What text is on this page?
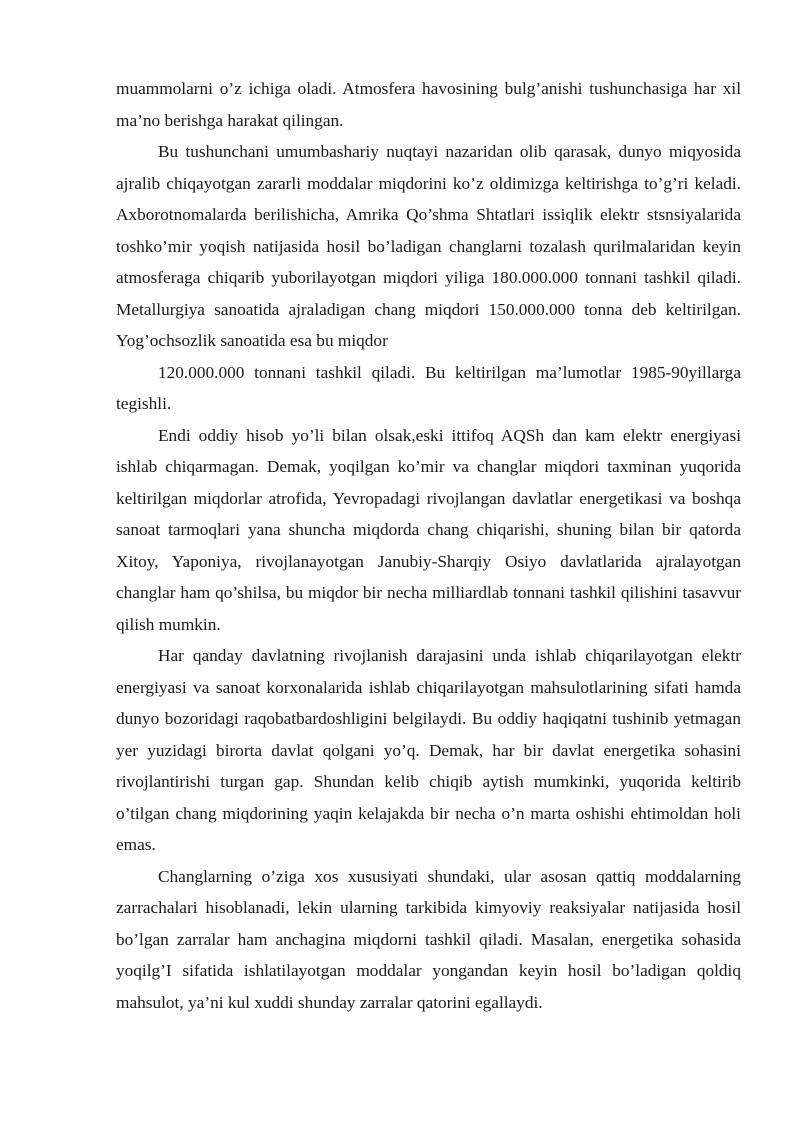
muammolarni o’z ichiga oladi. Atmosfera havosining bulg’anishi tushunchasiga har xil ma’no berishga harakat qilingan.

Bu tushunchani umumbashariy nuqtayi nazaridan olib qarasak, dunyo miqyosida ajralib chiqayotgan zararli moddalar miqdorini ko’z oldimizga keltirishga to’g’ri keladi. Axborotnomalarda berilishicha, Amrika Qo’shma Shtatlari issiqlik elektr stsnsiyalarida toshko’mir yoqish natijasida hosil bo’ladigan changlarni tozalash qurilmalaridan keyin atmosferaga chiqarib yuborilayotgan miqdori yiliga 180.000.000 tonnani tashkil qiladi. Metallurgiya sanoatida ajraladigan chang miqdori 150.000.000 tonna deb keltirilgan. Yog’ochsozlik sanoatida esa bu miqdor

120.000.000 tonnani tashkil qiladi. Bu keltirilgan ma’lumotlar 1985-90yillarga tegishli.

Endi oddiy hisob yo’li bilan olsak,eski ittifoq AQSh dan kam elektr energiyasi ishlab chiqarmagan. Demak, yoqilgan ko’mir va changlar miqdori taxminan yuqorida keltirilgan miqdorlar atrofida, Yevropadagi rivojlangan davlatlar energetikasi va boshqa sanoat tarmoqlari yana shuncha miqdorda chang chiqarishi, shuning bilan bir qatorda Xitoy, Yaponiya, rivojlanayotgan Janubiy-Sharqiy Osiyo davlatlarida ajralayotgan changlar ham qo’shilsa, bu miqdor bir necha milliardlab tonnani tashkil qilishini tasavvur qilish mumkin.

Har qanday davlatning rivojlanish darajasini unda ishlab chiqarilayotgan elektr energiyasi va sanoat korxonalarida ishlab chiqarilayotgan mahsulotlarining sifati hamda dunyo bozoridagi raqobatbardoshligini belgilaydi. Bu oddiy haqiqatni tushinib yetmagan yer yuzidagi birorta davlat qolgani yo’q. Demak, har bir davlat energetika sohasini rivojlantirishi turgan gap. Shundan kelib chiqib aytish mumkinki, yuqorida keltirib o’tilgan chang miqdorining yaqin kelajakda bir necha o’n marta oshishi ehtimoldan holi emas.

Changlarning o’ziga xos xususiyati shundaki, ular asosan qattiq moddalarning zarrachalari hisoblanadi, lekin ularning tarkibida kimyoviy reaksiyalar natijasida hosil bo’lgan zarralar ham anchagina miqdorni tashkil qiladi. Masalan, energetika sohasida yoqilg’I sifatida ishlatilayotgan moddalar yongandan keyin hosil bo’ladigan qoldiq mahsulot, ya’ni kul xuddi shunday zarralar qatorini egallaydi.
